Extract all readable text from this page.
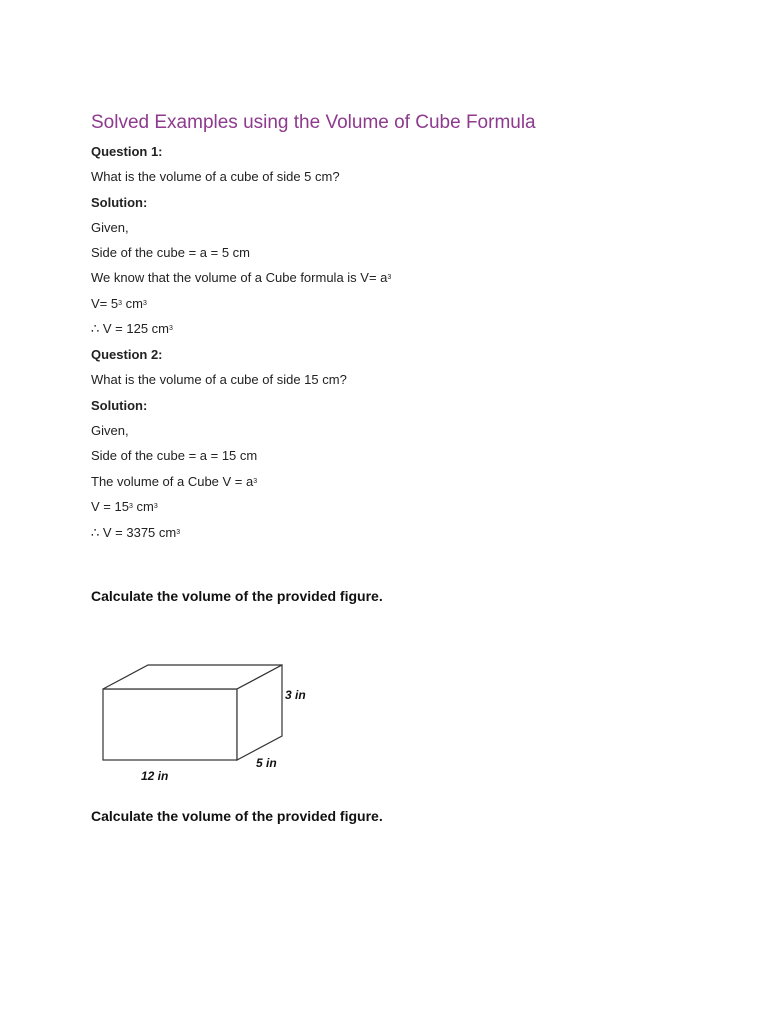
Solved Examples using the Volume of Cube Formula
Question 1:
What is the volume of a cube of side 5 cm?
Solution:
Given,
Side of the cube = a = 5 cm
We know that the volume of a Cube formula is $V= a^3$
$V= 5^3$ $cm^3$
∴ V = 125 $cm^3$
Question 2:
What is the volume of a cube of side 15 cm?
Solution:
Given,
Side of the cube = a = 15 cm
The volume of a Cube $V = a^3$
$V = 15^3$ $cm^3$
∴ V = 3375 $cm^3$
Calculate the volume of the provided figure.
3 in
5 in
12 in
Calculate the volume of the provided figure.
